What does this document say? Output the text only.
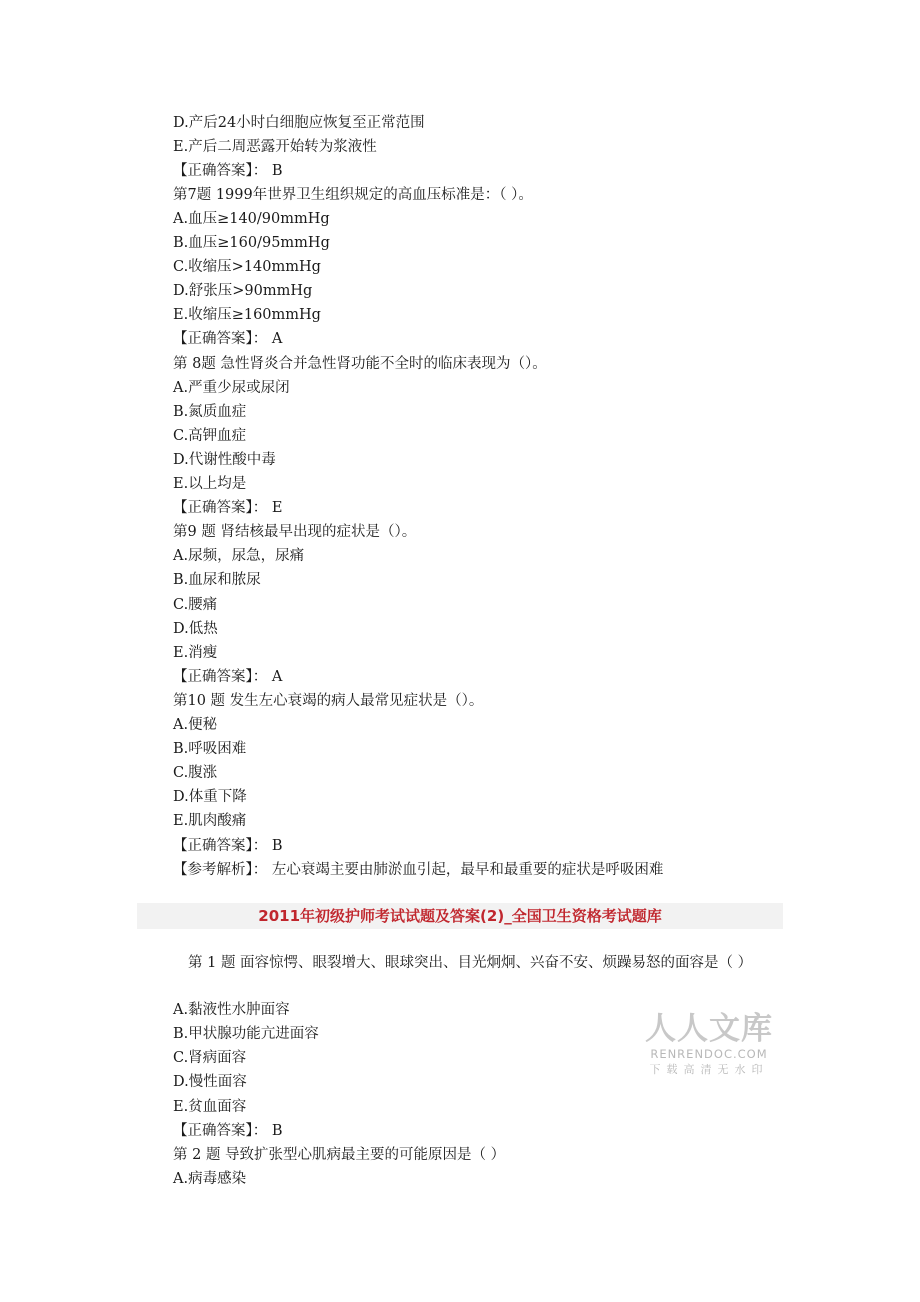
D.产后24小时白细胞应恢复至正常范围
E.产后二周恶露开始转为浆液性
【正确答案】： B
第7题 1999年世界卫生组织规定的高血压标准是：（ ）。
A.血压≥140/90mmHg
B.血压≥160/95mmHg
C.收缩压>140mmHg
D.舒张压>90mmHg
E.收缩压≥160mmHg
【正确答案】： A
第 8题 急性肾炎合并急性肾功能不全时的临床表现为（）。
A.严重少尿或尿闭
B.氮质血症
C.高钾血症
D.代谢性酸中毒
E.以上均是
【正确答案】： E
第9 题 肾结核最早出现的症状是（）。
A.尿频，尿急，尿痛
B.血尿和脓尿
C.腰痛
D.低热
E.消瘦
【正确答案】： A
第10 题 发生左心衰竭的病人最常见症状是（）。
A.便秘
B.呼吸困难
C.腹涨
D.体重下降
E.肌肉酸痛
【正确答案】： B
【参考解析】： 左心衰竭主要由肺淤血引起，最早和最重要的症状是呼吸困难
2011年初级护师考试试题及答案(2)_全国卫生资格考试题库
第 1 题 面容惊愕、眼裂增大、眼球突出、目光炯炯、兴奋不安、烦躁易怒的面容是（ ）
A.黏液性水肿面容
B.甲状腺功能亢进面容
C.肾病面容
D.慢性面容
E.贫血面容
【正确答案】： B
第 2 题 导致扩张型心肌病最主要的可能原因是（ ）
A.病毒感染
人人文库
RENRENDOC.COM
下载高清无水印
